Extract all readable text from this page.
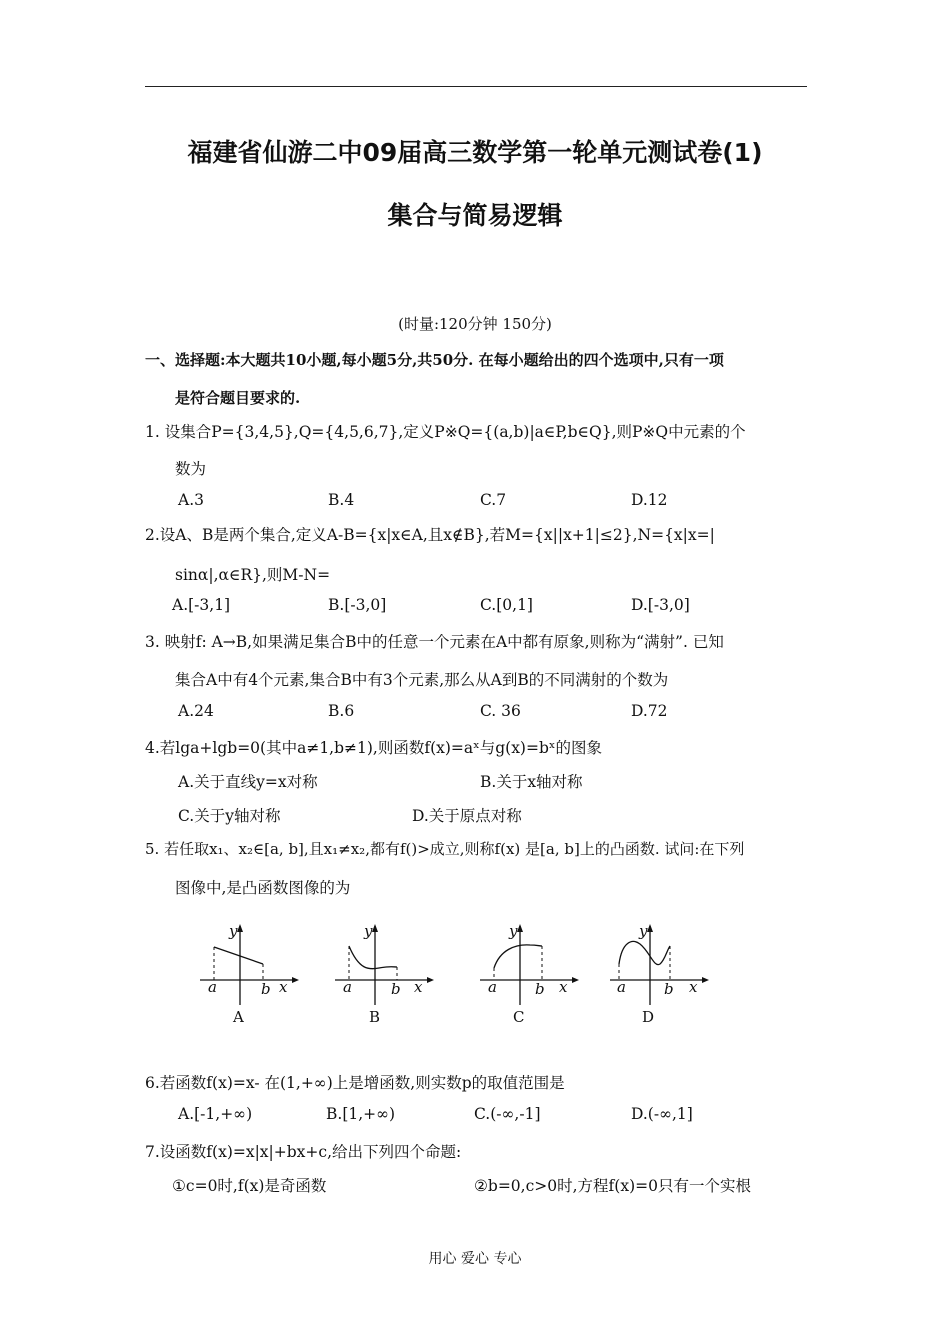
福建省仙游二中09届高三数学第一轮单元测试卷(1)
集合与简易逻辑
(时量:120分钟 150分)
一、选择题:本大题共10小题,每小题5分,共50分. 在每小题给出的四个选项中,只有一项
是符合题目要求的.
1. 设集合P={3,4,5},Q={4,5,6,7},定义P※Q={(a,b)|a∈P,b∈Q},则P※Q中元素的个
数为
A.3	B.4	C.7	D.12
2.设A、B是两个集合,定义A-B={x|x∈A,且x∉B},若M={x||x+1|≤2},N={x|x=|
sinα|,α∈R},则M-N=
A.[-3,1]	B.[-3,0]	C.[0,1]	D.[-3,0]
3. 映射f: A→B,如果满足集合B中的任意一个元素在A中都有原象,则称为“满射”. 已知
集合A中有4个元素,集合B中有3个元素,那么从A到B的不同满射的个数为
A.24	B.6	C. 36	D.72
4.若lga+lgb=0(其中a≠1,b≠1),则函数f(x)=aˣ与g(x)=bˣ的图象
A.关于直线y=x对称	B.关于x轴对称
C.关于y轴对称	D.关于原点对称
5. 若任取x₁、x₂∈[a, b],且x₁≠x₂,都有f()>成立,则称f(x) 是[a, b]上的凸函数. 试问:在下列
图像中,是凸函数图像的为
y
x
a	b
y
x
a	b
y
x
a	b
y
x
a	b
A	B	C	D
6.若函数f(x)=x- 在(1,+∞)上是增函数,则实数p的取值范围是
A.[-1,+∞)	B.[1,+∞)	C.(-∞,-1]	D.(-∞,1]
7.设函数f(x)=x|x|+bx+c,给出下列四个命题:
①c=0时,f(x)是奇函数	②b=0,c>0时,方程f(x)=0只有一个实根
用心 爱心 专心
